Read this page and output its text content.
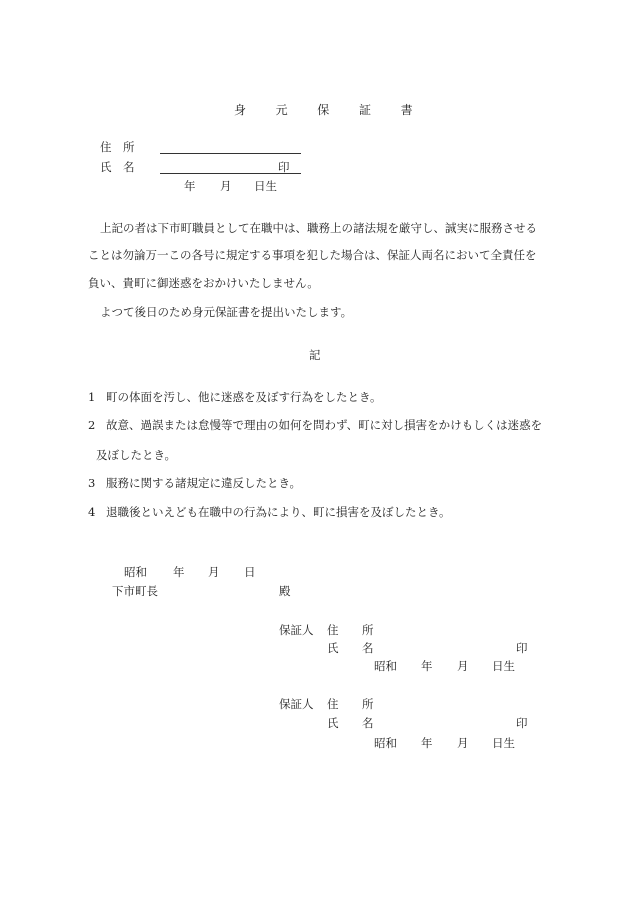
身 元 保 証 書
住　所
氏　名	印
年 月 日生
上記の者は下市町職員として在職中は、職務上の諸法規を厳守し、誠実に服務させる
ことは勿論万一この各号に規定する事項を犯した場合は、保証人両名において全責任を
負い、貴町に御迷惑をおかけいたしません。
よつて後日のため身元保証書を提出いたします。
記
1 町の体面を汚し、他に迷惑を及ぼす行為をしたとき。
2 故意、過誤または怠慢等で理由の如何を問わず、町に対し損害をかけもしくは迷惑を
及ぼしたとき。
3 服務に関する諸規定に違反したとき。
4 退職後といえども在職中の行為により、町に損害を及ぼしたとき。
昭和 年 月 日
下市町長	殿
保証人 住 所
氏 名	印
昭和 年 月 日生
保証人 住 所
氏 名	印
昭和 年 月 日生
